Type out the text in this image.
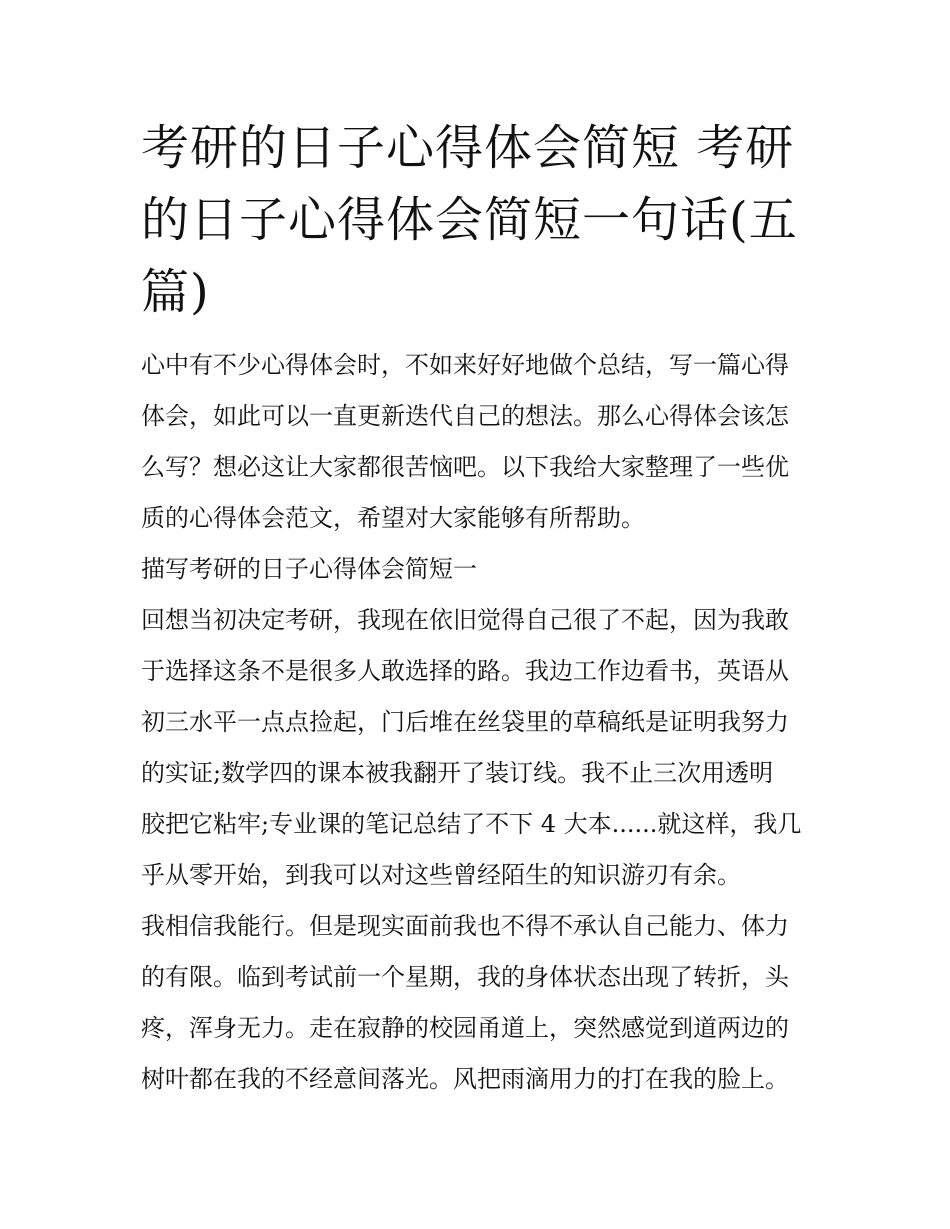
考研的日子心得体会简短 考研
的日子心得体会简短一句话(五
篇)
心中有不少心得体会时，不如来好好地做个总结，写一篇心得
体会，如此可以一直更新迭代自己的想法。那么心得体会该怎
么写？想必这让大家都很苦恼吧。以下我给大家整理了一些优
质的心得体会范文，希望对大家能够有所帮助。
描写考研的日子心得体会简短一
回想当初决定考研，我现在依旧觉得自己很了不起，因为我敢
于选择这条不是很多人敢选择的路。我边工作边看书，英语从
初三水平一点点捡起，门后堆在丝袋里的草稿纸是证明我努力
的实证;数学四的课本被我翻开了装订线。我不止三次用透明
胶把它粘牢;专业课的笔记总结了不下 4 大本......就这样，我几
乎从零开始，到我可以对这些曾经陌生的知识游刃有余。
我相信我能行。但是现实面前我也不得不承认自己能力、体力
的有限。临到考试前一个星期，我的身体状态出现了转折，头
疼，浑身无力。走在寂静的校园甬道上，突然感觉到道两边的
树叶都在我的不经意间落光。风把雨滴用力的打在我的脸上。
